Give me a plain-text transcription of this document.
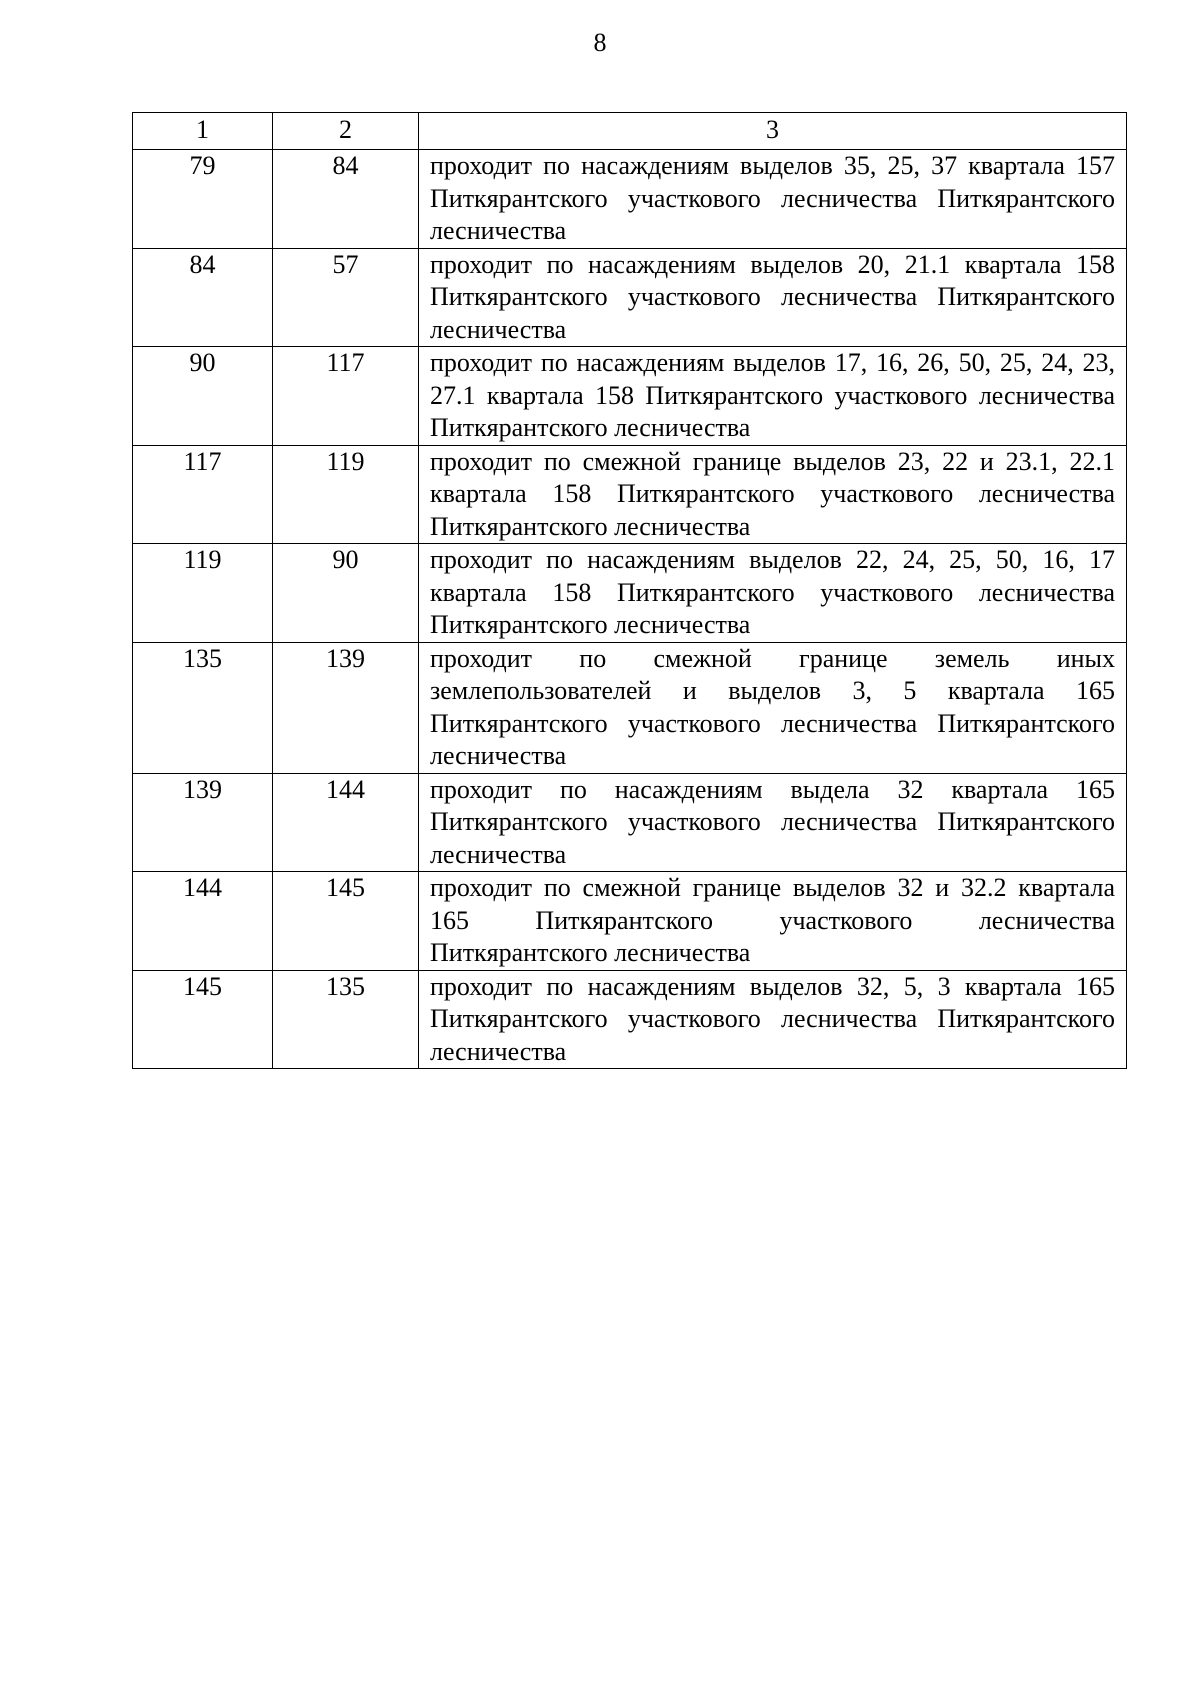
8
1	2	3
79	84	проходит по насаждениям выделов 35, 25, 37 квартала 157 Питкярантского участкового лесничества Питкярантского лесничества
84	57	проходит по насаждениям выделов 20, 21.1 квартала 158 Питкярантского участкового лесничества Питкярантского лесничества
90	117	проходит по насаждениям выделов 17, 16, 26, 50, 25, 24, 23, 27.1 квартала 158 Питкярантского участкового лесничества Питкярантского лесничества
117	119	проходит по смежной границе выделов 23, 22 и 23.1, 22.1 квартала 158 Питкярантского участкового лесничества Питкярантского лесничества
119	90	проходит по насаждениям выделов 22, 24, 25, 50, 16, 17 квартала 158 Питкярантского участкового лесничества Питкярантского лесничества
135	139	проходит по смежной границе земель иных землепользователей и выделов 3, 5 квартала 165 Питкярантского участкового лесничества Питкярантского лесничества
139	144	проходит по насаждениям выдела 32 квартала 165 Питкярантского участкового лесничества Питкярантского лесничества
144	145	проходит по смежной границе выделов 32 и 32.2 квартала 165 Питкярантского участкового лесничества Питкярантского лесничества
145	135	проходит по насаждениям выделов 32, 5, 3 квартала 165 Питкярантского участкового лесничества Питкярантского лесничества
